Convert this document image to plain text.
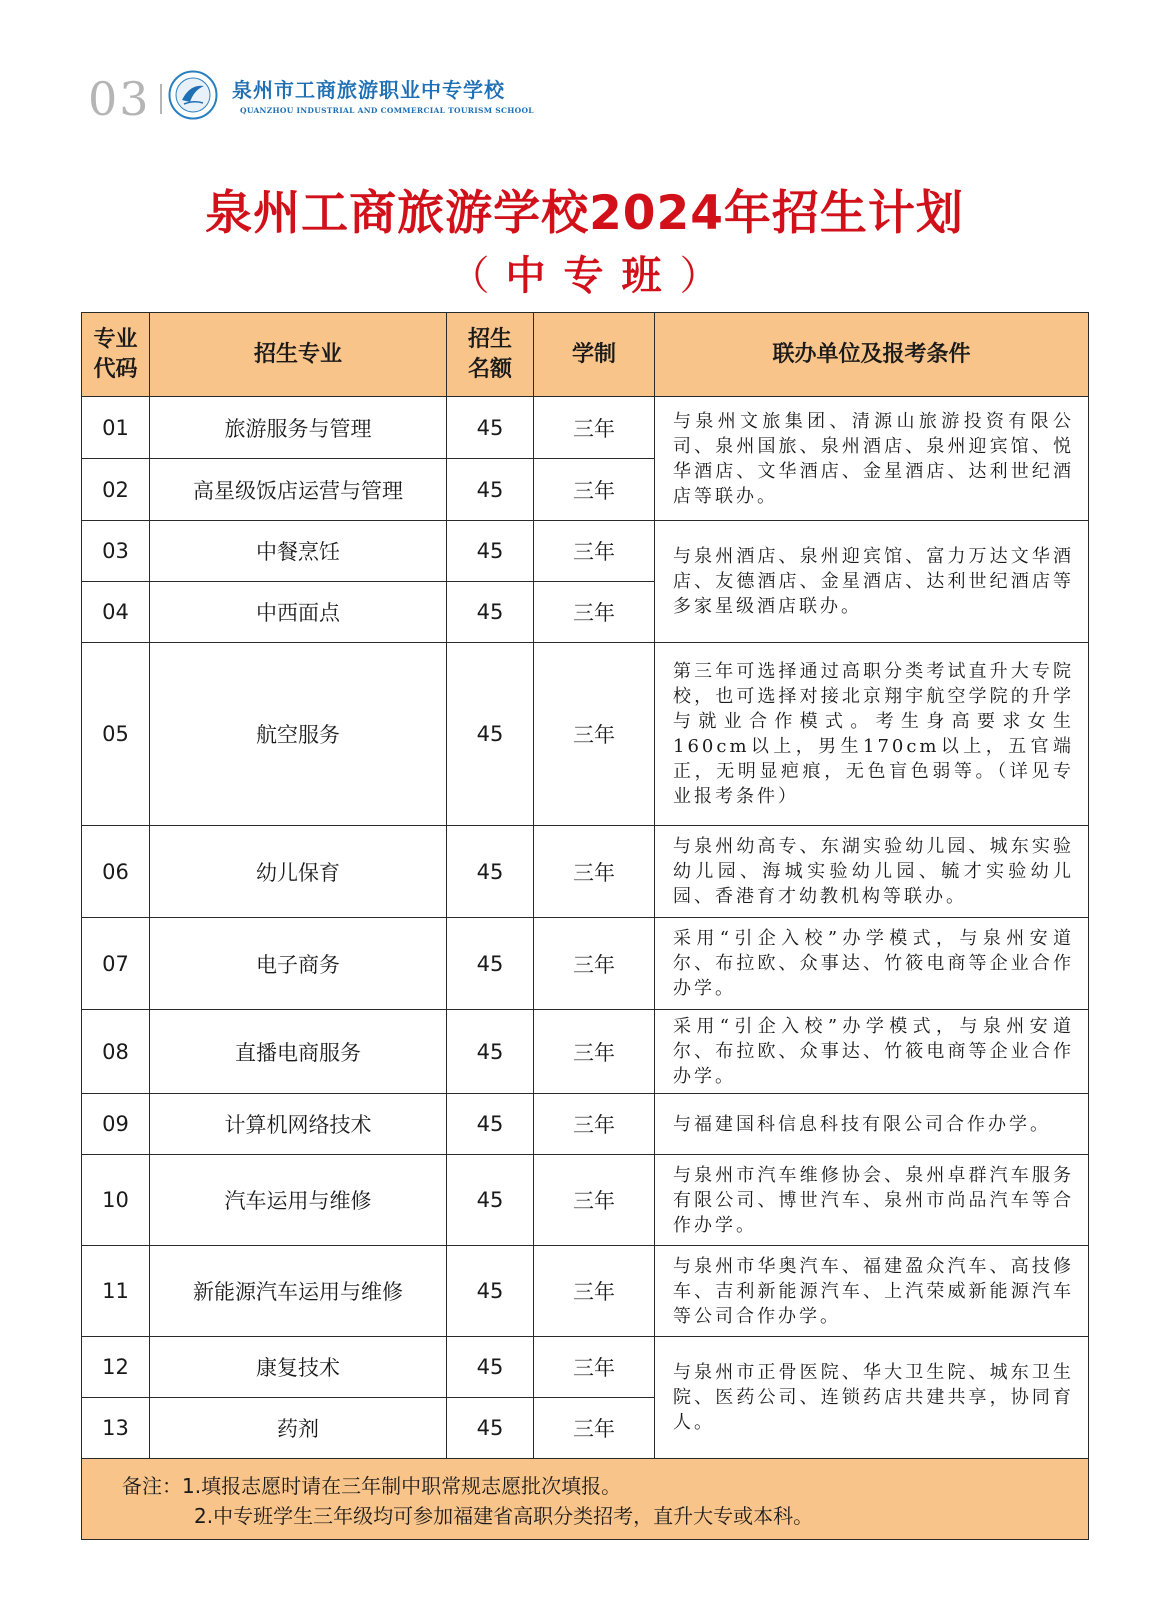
03	泉州市工商旅游职业中专学校
QUANZHOU INDUSTRIAL AND COMMERCIAL TOURISM SCHOOL
泉州工商旅游学校2024年招生计划
（ 中专班）
专业代码	招生专业	招生名额	学制	联办单位及报考条件
01	旅游服务与管理	45	三年	与泉州文旅集团、清源山旅游投资有限公司、泉州国旅、泉州酒店、泉州迎宾馆、悦华酒店、文华酒店、金星酒店、达利世纪酒店等联办。
02	高星级饭店运营与管理	45	三年	
03	中餐烹饪	45	三年	与泉州酒店、泉州迎宾馆、富力万达文华酒店、友德酒店、金星酒店、达利世纪酒店等多家星级酒店联办。
04	中西面点	45	三年	
05	航空服务	45	三年	第三年可选择通过高职分类考试直升大专院校，也可选择对接北京翔宇航空学院的升学与就业合作模式。考生身高要求女生160cm以上，男生170cm以上，五官端正，无明显疤痕，无色盲色弱等。（详见专业报考条件）
06	幼儿保育	45	三年	与泉州幼高专、东湖实验幼儿园、城东实验幼儿园、海城实验幼儿园、毓才实验幼儿园、香港育才幼教机构等联办。
07	电子商务	45	三年	采用“引企入校”办学模式，与泉州安道尔、布拉欧、众事达、竹筱电商等企业合作办学。
08	直播电商服务	45	三年	采用“引企入校”办学模式，与泉州安道尔、布拉欧、众事达、竹筱电商等企业合作办学。
09	计算机网络技术	45	三年	与福建国科信息科技有限公司合作办学。
10	汽车运用与维修	45	三年	与泉州市汽车维修协会、泉州卓群汽车服务有限公司、博世汽车、泉州市尚品汽车等合作办学。
11	新能源汽车运用与维修	45	三年	与泉州市华奥汽车、福建盈众汽车、高技修车、吉利新能源汽车、上汽荣威新能源汽车等公司合作办学。
12	康复技术	45	三年	与泉州市正骨医院、华大卫生院、城东卫生院、医药公司、连锁药店共建共享，协同育人。
13	药剂	45	三年	

备注：1.填报志愿时请在三年制中职常规志愿批次填报。
2.中专班学生三年级均可参加福建省高职分类招考，直升大专或本科。				
